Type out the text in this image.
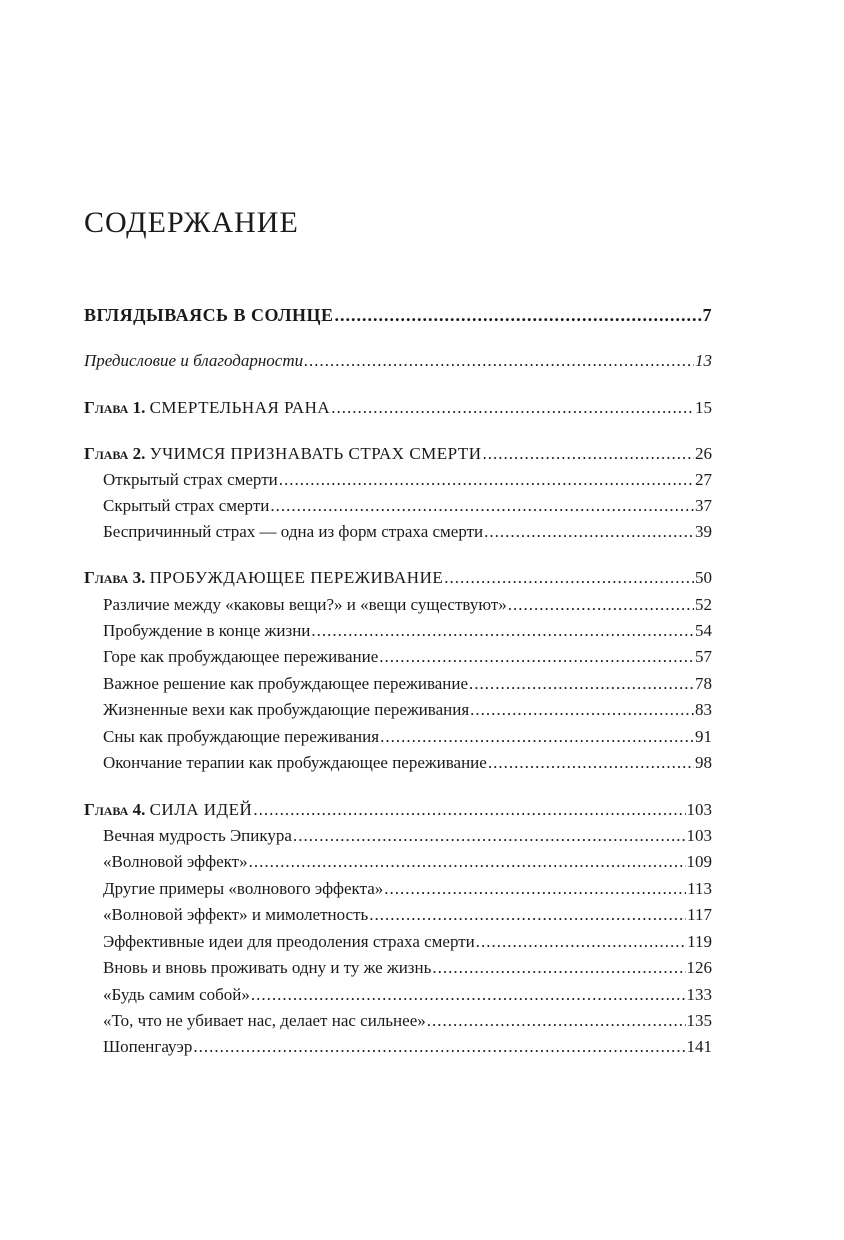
СОДЕРЖАНИЕ
ВГЛЯДЫВАЯСЬ В СОЛНЦЕ .....	7
Предисловие и благодарности .....	13
Глава 1. СМЕРТЕЛЬНАЯ РАНА .....	15
Глава 2. УЧИМСЯ ПРИЗНАВАТЬ СТРАХ СМЕРТИ .....	26
Открытый страх смерти .....	27
Скрытый страх смерти .....	37
Беспричинный страх — одна из форм страха смерти .....	39
Глава 3. ПРОБУЖДАЮЩЕЕ ПЕРЕЖИВАНИЕ .....	50
Различие между «каковы вещи?» и «вещи существуют» .....	52
Пробуждение в конце жизни .....	54
Горе как пробуждающее переживание .....	57
Важное решение как пробуждающее переживание .....	78
Жизненные вехи как пробуждающие переживания .....	83
Сны как пробуждающие переживания .....	91
Окончание терапии как пробуждающее переживание .....	98
Глава 4. СИЛА ИДЕЙ .....	103
Вечная мудрость Эпикура .....	103
«Волновой эффект» .....	109
Другие примеры «волнового эффекта» .....	113
«Волновой эффект» и мимолетность .....	117
Эффективные идеи для преодоления страха смерти .....	119
Вновь и вновь проживать одну и ту же жизнь .....	126
«Будь самим собой» .....	133
«То, что не убивает нас, делает нас сильнее» .....	135
Шопенгауэр .....	141
